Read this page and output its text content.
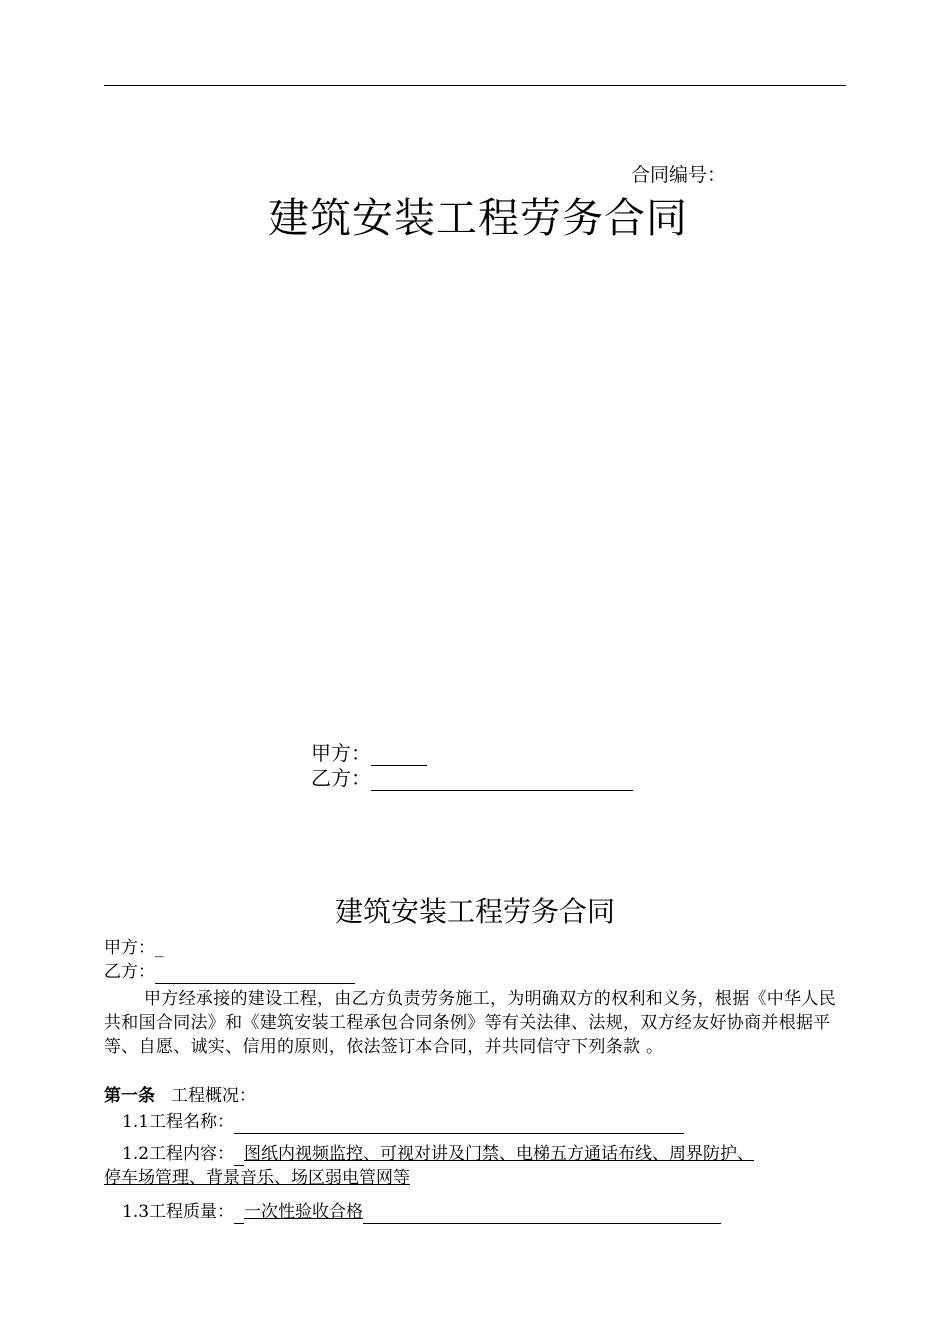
合同编号：
建筑安装工程劳务合同
甲方：
乙方：
建筑安装工程劳务合同
甲方：_
乙方：
甲方经承接的建设工程，由乙方负责劳务施工，为明确双方的权利和义务，根据《中华人民共和国合同法》和《建筑安装工程承包合同条例》等有关法律、法规，双方经友好协商并根据平等、自愿、诚实、信用的原则，依法签订本合同，并共同信守下列条款 。
第一条 工程概况：
1.1工程名称：
1.2工程内容： 图纸内视频监控、可视对讲及门禁、电梯五方通话布线、周界防护、
停车场管理、背景音乐、场区弱电管网等
1.3工程质量： 一次性验收合格
